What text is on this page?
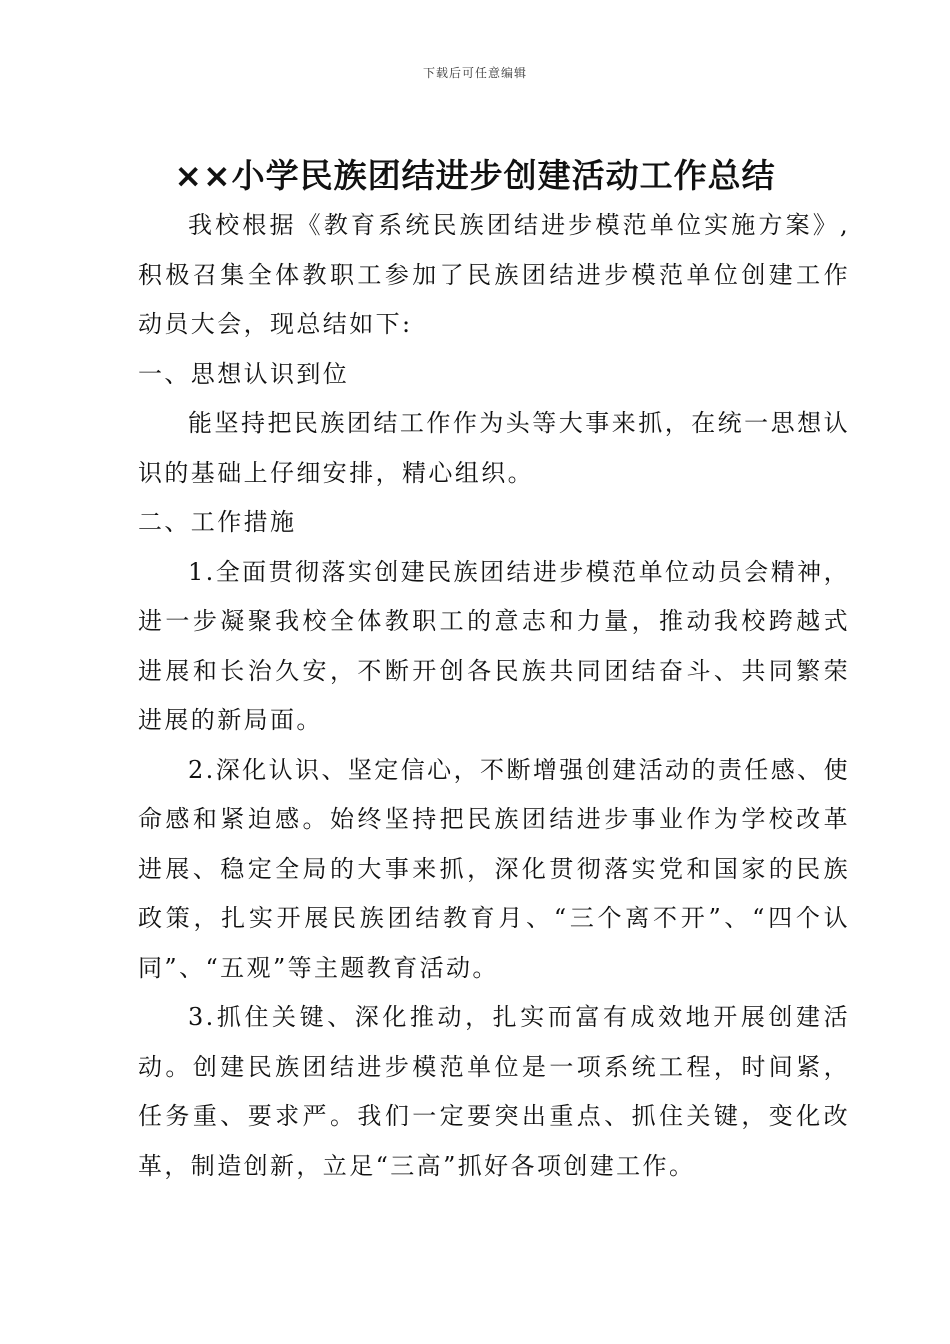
下载后可任意编辑
××小学民族团结进步创建活动工作总结

我校根据《教育系统民族团结进步模范单位实施方案》,积极召集全体教职工参加了民族团结进步模范单位创建工作动员大会，现总结如下:

一、思想认识到位

能坚持把民族团结工作作为头等大事来抓，在统一思想认识的基础上仔细安排，精心组织。

二、工作措施

1.全面贯彻落实创建民族团结进步模范单位动员会精神，进一步凝聚我校全体教职工的意志和力量，推动我校跨越式进展和长治久安，不断开创各民族共同团结奋斗、共同繁荣进展的新局面。

2.深化认识、坚定信心，不断增强创建活动的责任感、使命感和紧迫感。始终坚持把民族团结进步事业作为学校改革进展、稳定全局的大事来抓，深化贯彻落实党和国家的民族政策，扎实开展民族团结教育月、“三个离不开”、“四个认同”、“五观”等主题教育活动。

3.抓住关键、深化推动，扎实而富有成效地开展创建活动。创建民族团结进步模范单位是一项系统工程，时间紧，任务重、要求严。我们一定要突出重点、抓住关键，变化改革，制造创新，立足“三高”抓好各项创建工作。
